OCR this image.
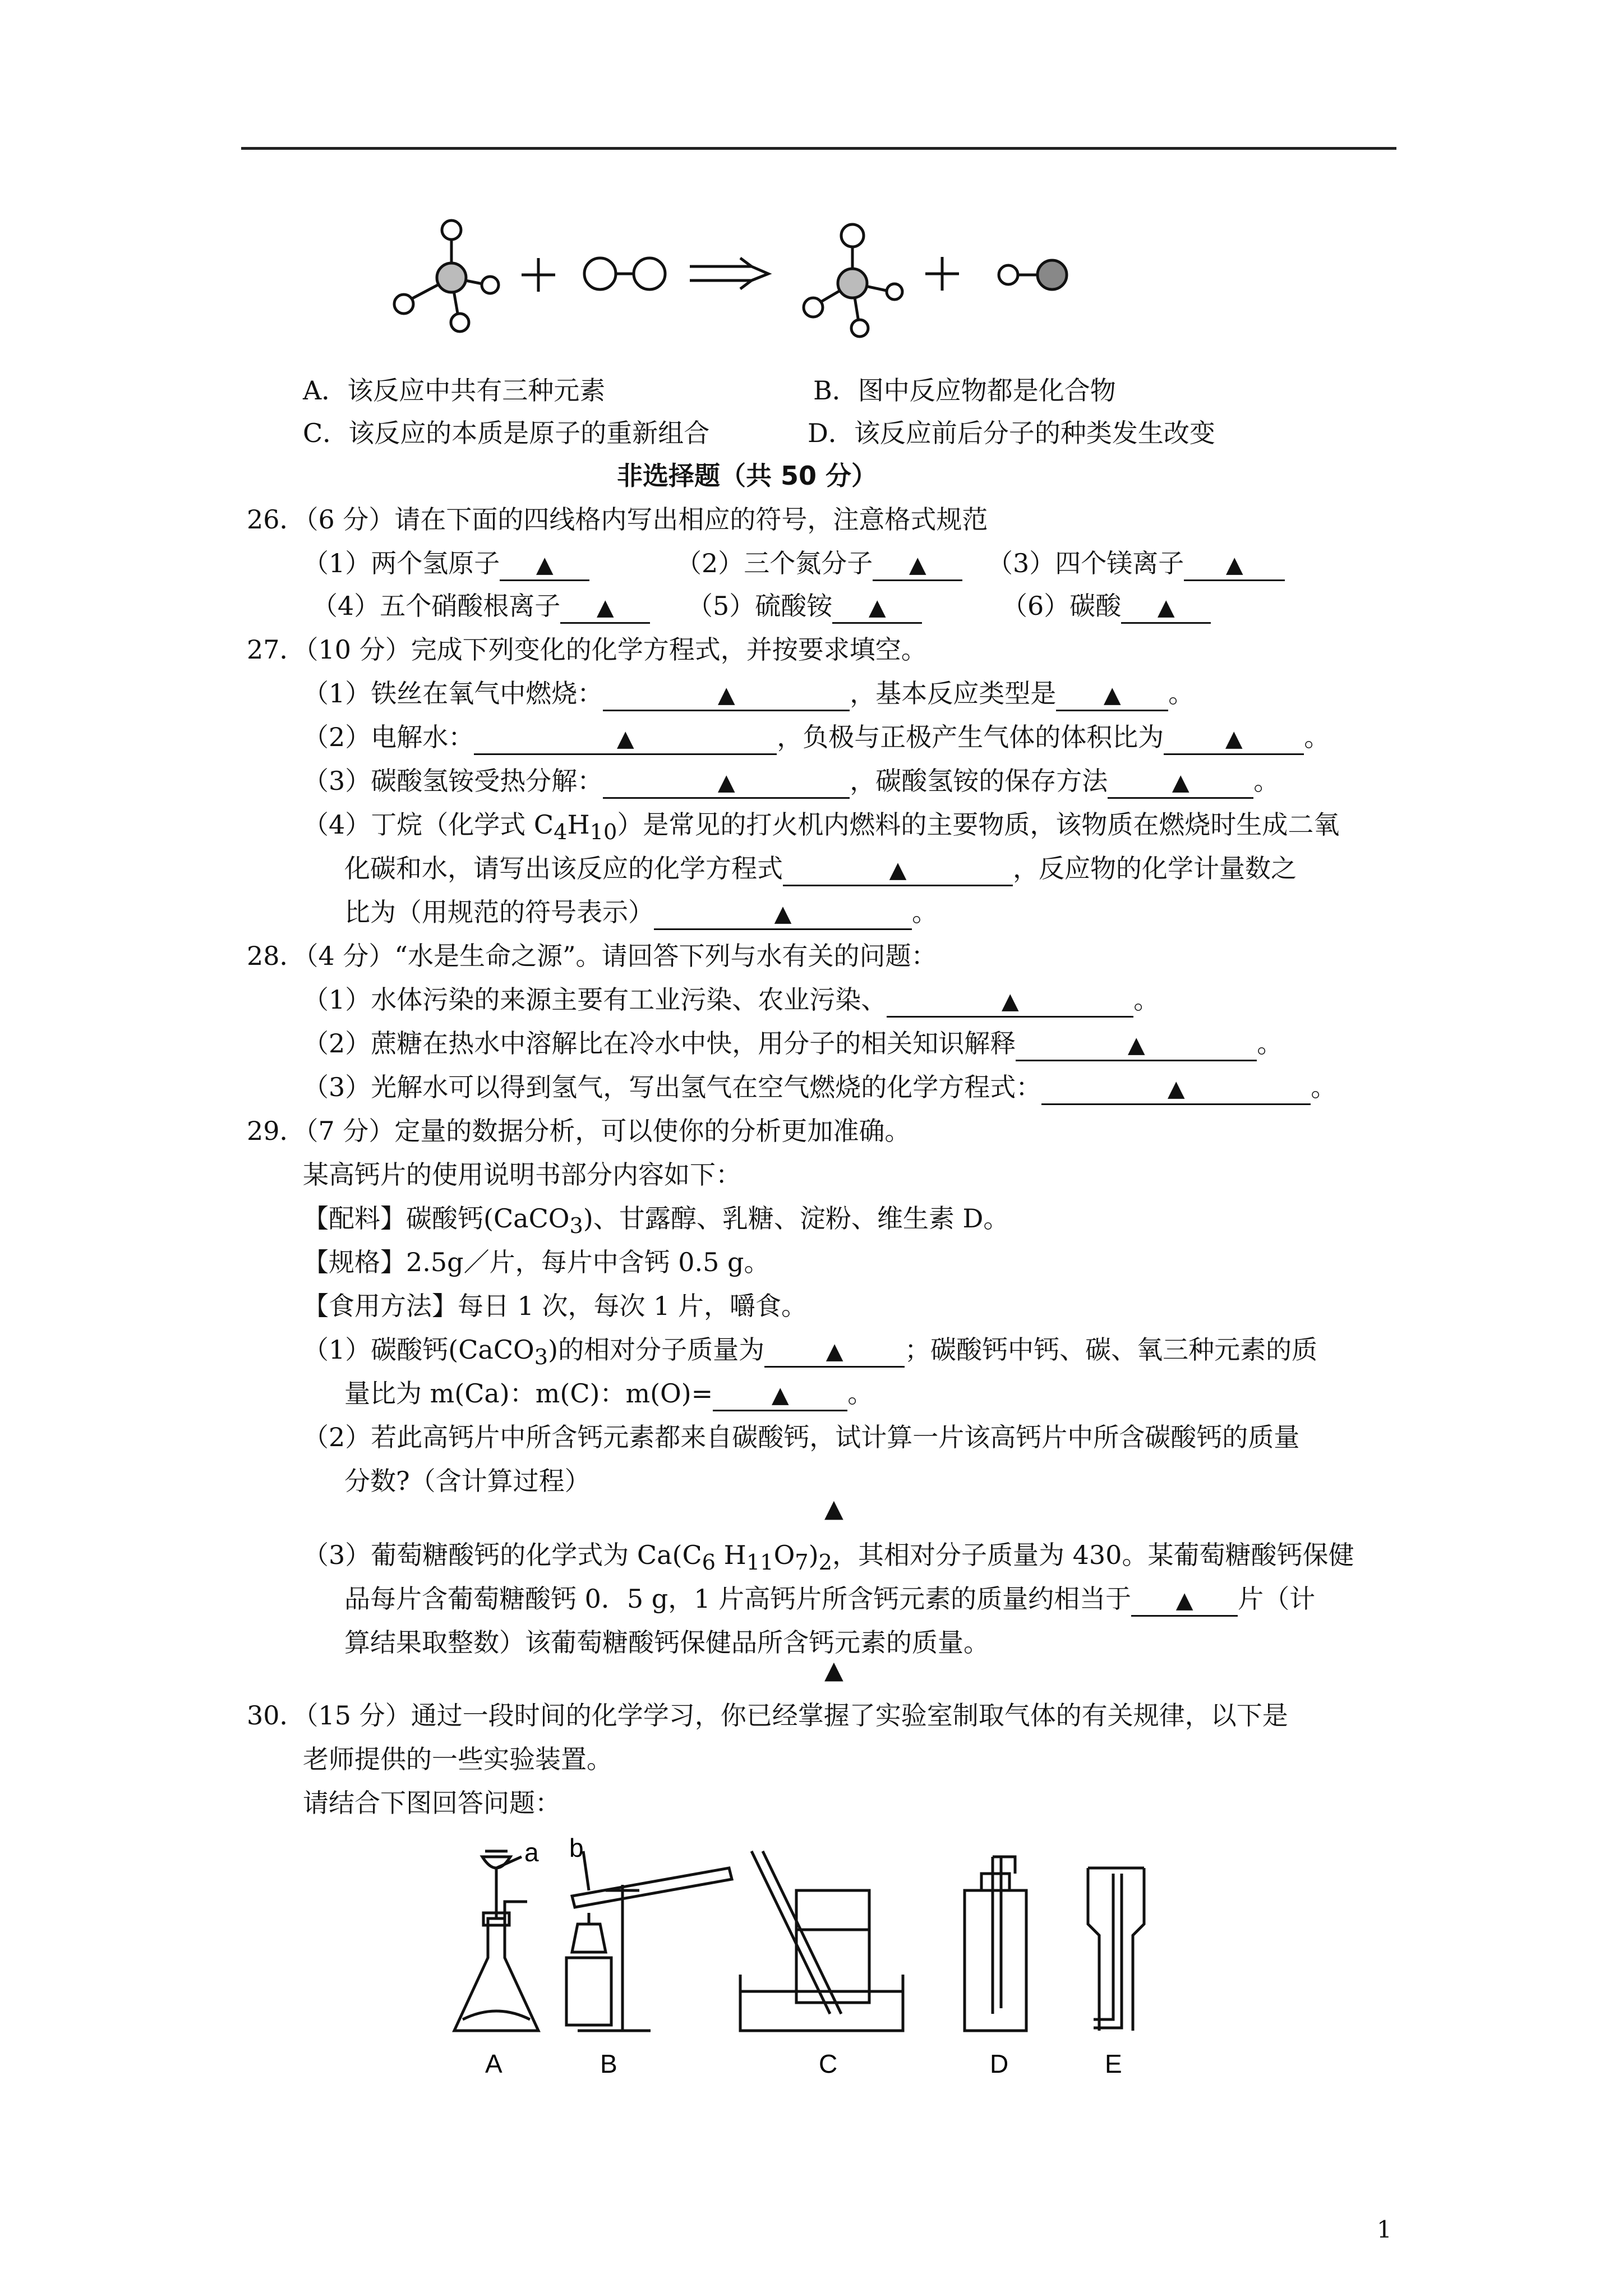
A．该反应中共有三种元素	B．图中反应物都是化合物
C．该反应的本质是原子的重新组合	D．该反应前后分子的种类发生改变
非选择题（共 50 分）
26．（6 分）请在下面的四线格内写出相应的符号，注意格式规范
（1）两个氢原子 ▲	（2）三个氮分子 ▲	（3）四个镁离子 ▲
（4）五个硝酸根离子 ▲	（5）硫酸铵 ▲	（6）碳酸 ▲
27．（10 分）完成下列变化的化学方程式，并按要求填空。
（1）铁丝在氧气中燃烧：	▲	，基本反应类型是 ▲ 。
（2）电解水：	▲	，负极与正极产生气体的体积比为	▲ 。
（3）碳酸氢铵受热分解：	▲	，碳酸氢铵的保存方法	▲ 。
（4）丁烷（化学式 $C_4H_{10}$）是常见的打火机内燃料的主要物质，该物质在燃烧时生成二氧
化碳和水，请写出该反应的化学方程式	▲	，反应物的化学计量数之
比为（用规范的符号表示）	▲	。
28．（4 分）“水是生命之源”。请回答下列与水有关的问题：
（1）水体污染的来源主要有工业污染、农业污染、	▲	。
（2）蔗糖在热水中溶解比在冷水中快，用分子的相关知识解释	▲	。
（3）光解水可以得到氢气，写出氢气在空气燃烧的化学方程式：	▲	。
29．（7 分）定量的数据分析，可以使你的分析更加准确。
某高钙片的使用说明书部分内容如下：
【配料】碳酸钙(CaCO$_3$)、甘露醇、乳糖、淀粉、维生素 D。
【规格】2.5g／片，每片中含钙 0.5 g。
【食用方法】每日 1 次，每次 1 片，嚼食。
（1）碳酸钙(CaCO$_3$)的相对分子质量为	▲ ；碳酸钙中钙、碳、氧三种元素的质
量比为 m(Ca)：m(C)：m(O)=	▲ 。
（2）若此高钙片中所含钙元素都来自碳酸钙，试计算一片该高钙片中所含碳酸钙的质量
分数?（含计算过程）
▲
（3）葡萄糖酸钙的化学式为 $Ca(C_6$ $H_{11}O_7)_2$，其相对分子质量为 430。某葡萄糖酸钙保健
品每片含葡萄糖酸钙 0．5 g，1 片高钙片所含钙元素的质量约相当于 ▲ 片（计
算结果取整数）该葡萄糖酸钙保健品所含钙元素的质量。
▲
30．（15 分）通过一段时间的化学学习，你已经掌握了实验室制取气体的有关规律，以下是
老师提供的一些实验装置。
请结合下图回答问题：
a b
A	B	C	D	E
1
